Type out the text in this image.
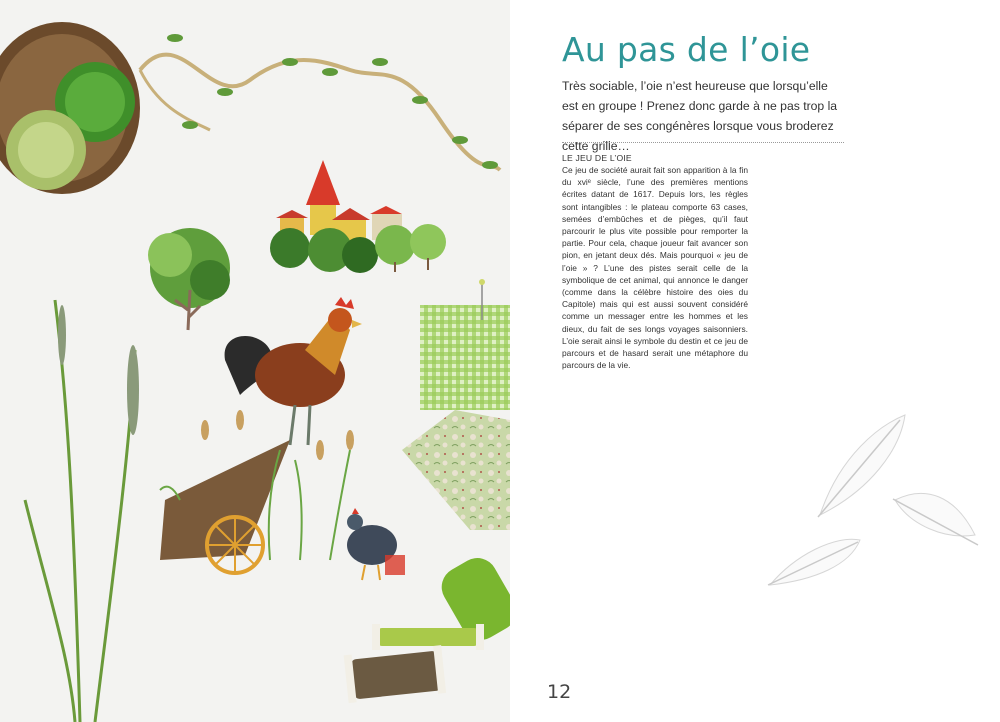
Au pas de l’oie

Très sociable, l’oie n’est heureuse que lorsqu’elle est en groupe ! Prenez donc garde à ne pas trop la séparer de ses congénères lorsque vous broderez cette grille…

LE JEU DE L’OIE

Ce jeu de société aurait fait son apparition à la fin du xviᵉ siècle, l’une des premières mentions écrites datant de 1617. Depuis lors, les règles sont intangibles : le plateau comporte 63 cases, semées d’embûches et de pièges, qu’il faut parcourir le plus vite possible pour remporter la partie. Pour cela, chaque joueur fait avancer son pion, en jetant deux dés. Mais pourquoi « jeu de l’oie » ? L’une des pistes serait celle de la symbolique de cet animal, qui annonce le danger (comme dans la célèbre histoire des oies du Capitole) mais qui est aussi souvent considéré comme un messager entre les hommes et les dieux, du fait de ses longs voyages saisonniers. L’oie serait ainsi le symbole du destin et ce jeu de parcours et de hasard serait une métaphore du parcours de la vie.

12
